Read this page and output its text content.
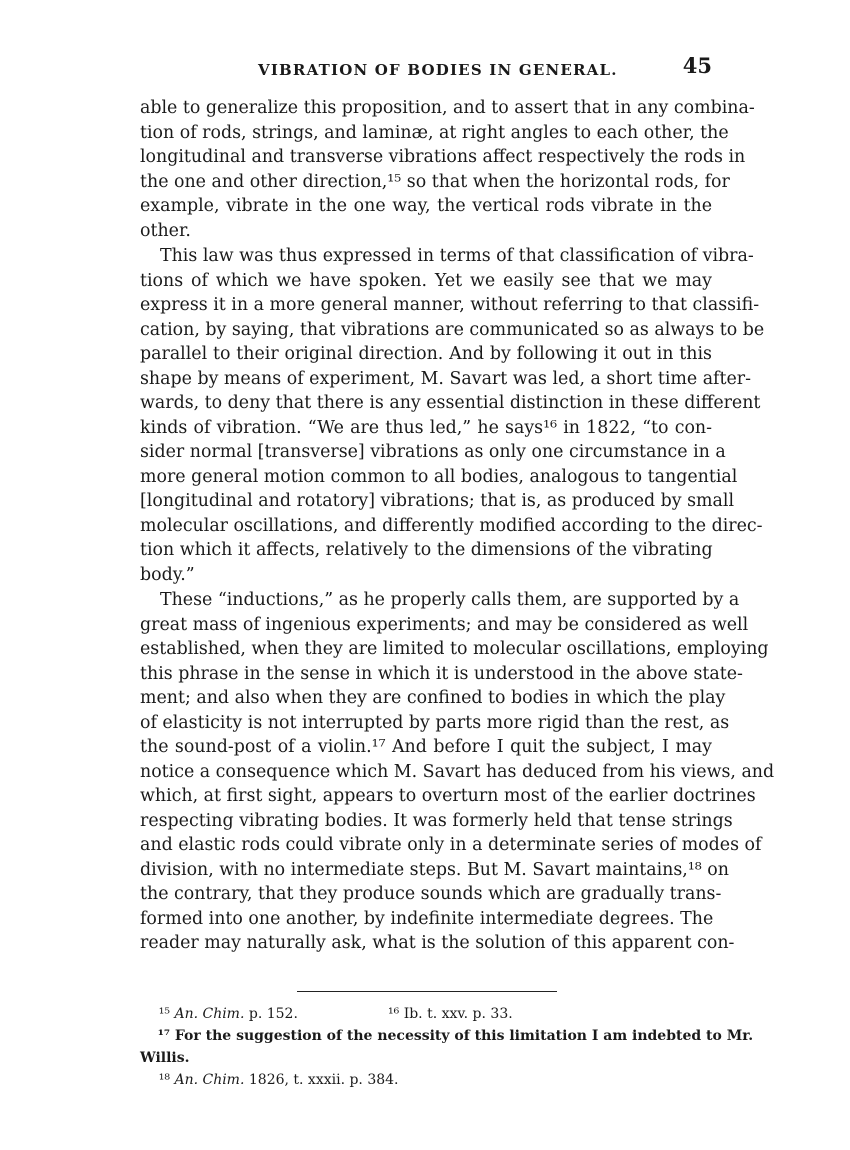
VIBRATION OF BODIES IN GENERAL.	45
able to generalize this proposition, and to assert that in any combina-
tion of rods, strings, and laminæ, at right angles to each other, the
longitudinal and transverse vibrations affect respectively the rods in
the one and other direction,¹⁵ so that when the horizontal rods, for
example, vibrate in the one way, the vertical rods vibrate in the
other.
This law was thus expressed in terms of that classification of vibra-
tions of which we have spoken. Yet we easily see that we may
express it in a more general manner, without referring to that classifi-
cation, by saying, that vibrations are communicated so as always to be
parallel to their original direction. And by following it out in this
shape by means of experiment, M. Savart was led, a short time after-
wards, to deny that there is any essential distinction in these different
kinds of vibration. “We are thus led,” he says¹⁶ in 1822, “to con-
sider normal [transverse] vibrations as only one circumstance in a
more general motion common to all bodies, analogous to tangential
[longitudinal and rotatory] vibrations; that is, as produced by small
molecular oscillations, and differently modified according to the direc-
tion which it affects, relatively to the dimensions of the vibrating
body.”
These “inductions,” as he properly calls them, are supported by a
great mass of ingenious experiments; and may be considered as well
established, when they are limited to molecular oscillations, employing
this phrase in the sense in which it is understood in the above state-
ment; and also when they are confined to bodies in which the play
of elasticity is not interrupted by parts more rigid than the rest, as
the sound-post of a violin.¹⁷ And before I quit the subject, I may
notice a consequence which M. Savart has deduced from his views, and
which, at first sight, appears to overturn most of the earlier doctrines
respecting vibrating bodies. It was formerly held that tense strings
and elastic rods could vibrate only in a determinate series of modes of
division, with no intermediate steps. But M. Savart maintains,¹⁸ on
the contrary, that they produce sounds which are gradually trans-
formed into one another, by indefinite intermediate degrees. The
reader may naturally ask, what is the solution of this apparent con-
¹⁵ An. Chim. p. 152.	¹⁶ Ib. t. xxv. p. 33.
¹⁷ For the suggestion of the necessity of this limitation I am indebted to Mr.
Willis.
¹⁸ An. Chim. 1826, t. xxxii. p. 384.
